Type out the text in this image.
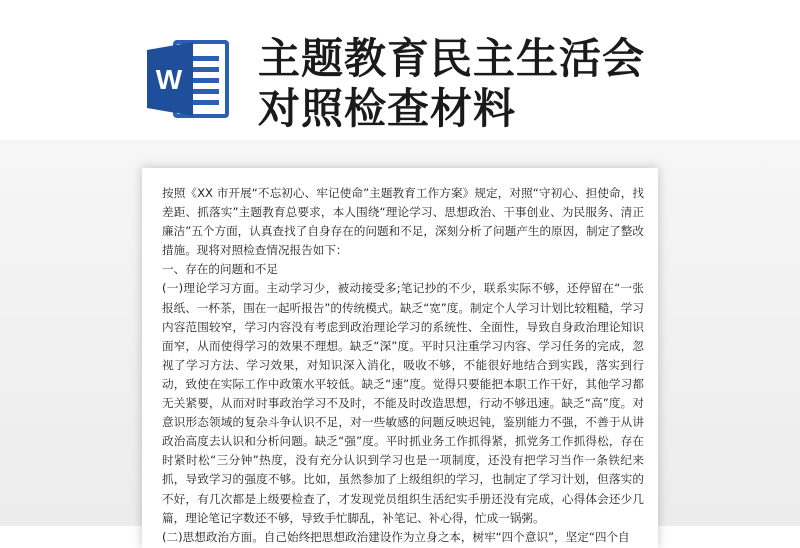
W 主题教育民主生活会
对照检查材料

按照《XX 市开展“不忘初心、牢记使命”主题教育工作方案》规定，对照“守初心、担使命，找差距、抓落实”主题教育总要求，本人围绕“理论学习、思想政治、干事创业、为民服务、清正廉洁”五个方面，认真查找了自身存在的问题和不足，深刻分析了问题产生的原因，制定了整改措施。现将对照检查情况报告如下：

一、存在的问题和不足

(一)理论学习方面。主动学习少，被动接受多;笔记抄的不少，联系实际不够，还停留在“一张报纸、一杯茶，围在一起听报告”的传统模式。缺乏“宽”度。制定个人学习计划比较粗糙，学习内容范围较窄，学习内容没有考虑到政治理论学习的系统性、全面性，导致自身政治理论知识面窄，从而使得学习的效果不理想。缺乏“深”度。平时只注重学习内容、学习任务的完成，忽视了学习方法、学习效果，对知识深入消化，吸收不够，不能很好地结合到实践，落实到行动，致使在实际工作中政策水平较低。缺乏“速”度。觉得只要能把本职工作干好，其他学习都无关紧要，从而对时事政治学习不及时，不能及时改造思想，行动不够迅速。缺乏“高”度。对意识形态领域的复杂斗争认识不足，对一些敏感的问题反映迟钝，鉴别能力不强，不善于从讲政治高度去认识和分析问题。缺乏“强”度。平时抓业务工作抓得紧，抓党务工作抓得松，存在时紧时松“三分钟”热度，没有充分认识到学习也是一项制度，还没有把学习当作一条铁纪来抓，导致学习的强度不够。比如，虽然参加了上级组织的学习，也制定了学习计划，但落实的不好，有几次都是上级要检查了，才发现党员组织生活纪实手册还没有完成，心得体会还少几篇，理论笔记字数还不够，导致手忙脚乱，补笔记、补心得，忙成一锅粥。

(二)思想政治方面。自己始终把思想政治建设作为立身之本，树牢“四个意识”，坚定“四个自
